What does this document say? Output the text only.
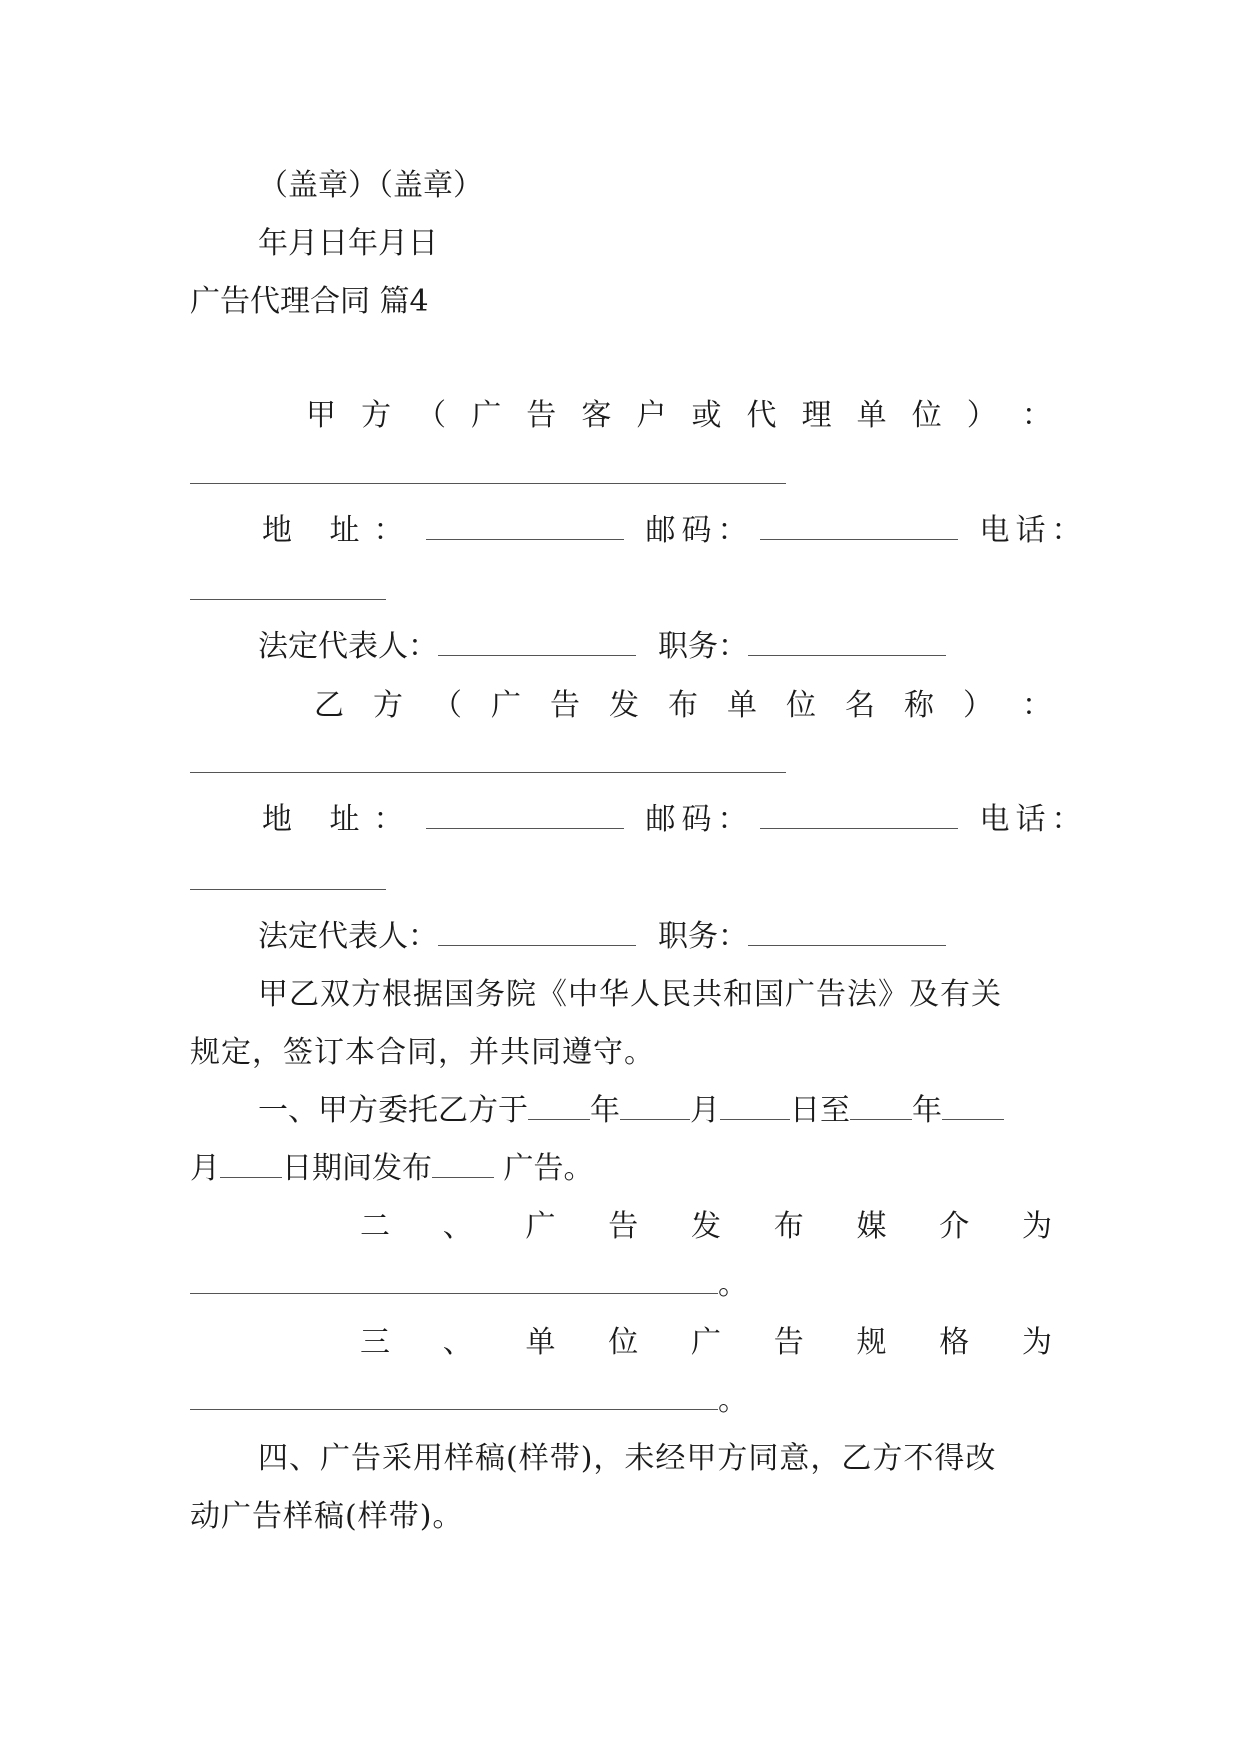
（盖章）（盖章）
年月日年月日
广告代理合同 篇4
甲 方 （ 广 告 客 户 或 代 理 单 位 ） ：
地 址：	邮码：	电话：
法定代表人：	职务：
乙 方 （ 广 告 发 布 单 位 名 称 ） ：
地 址：	邮码：	电话：
法定代表人：	职务：
甲乙双方根据国务院《中华人民共和国广告法》及有关
规定，签订本合同，并共同遵守。
一、甲方委托乙方于 年 月 日至 年
月 日期间发布 广告。
二 、 广 告 发 布 媒 介 为
。
三 、 单 位 广 告 规 格 为
。
四、广告采用样稿(样带)，未经甲方同意，乙方不得改
动广告样稿(样带)。
